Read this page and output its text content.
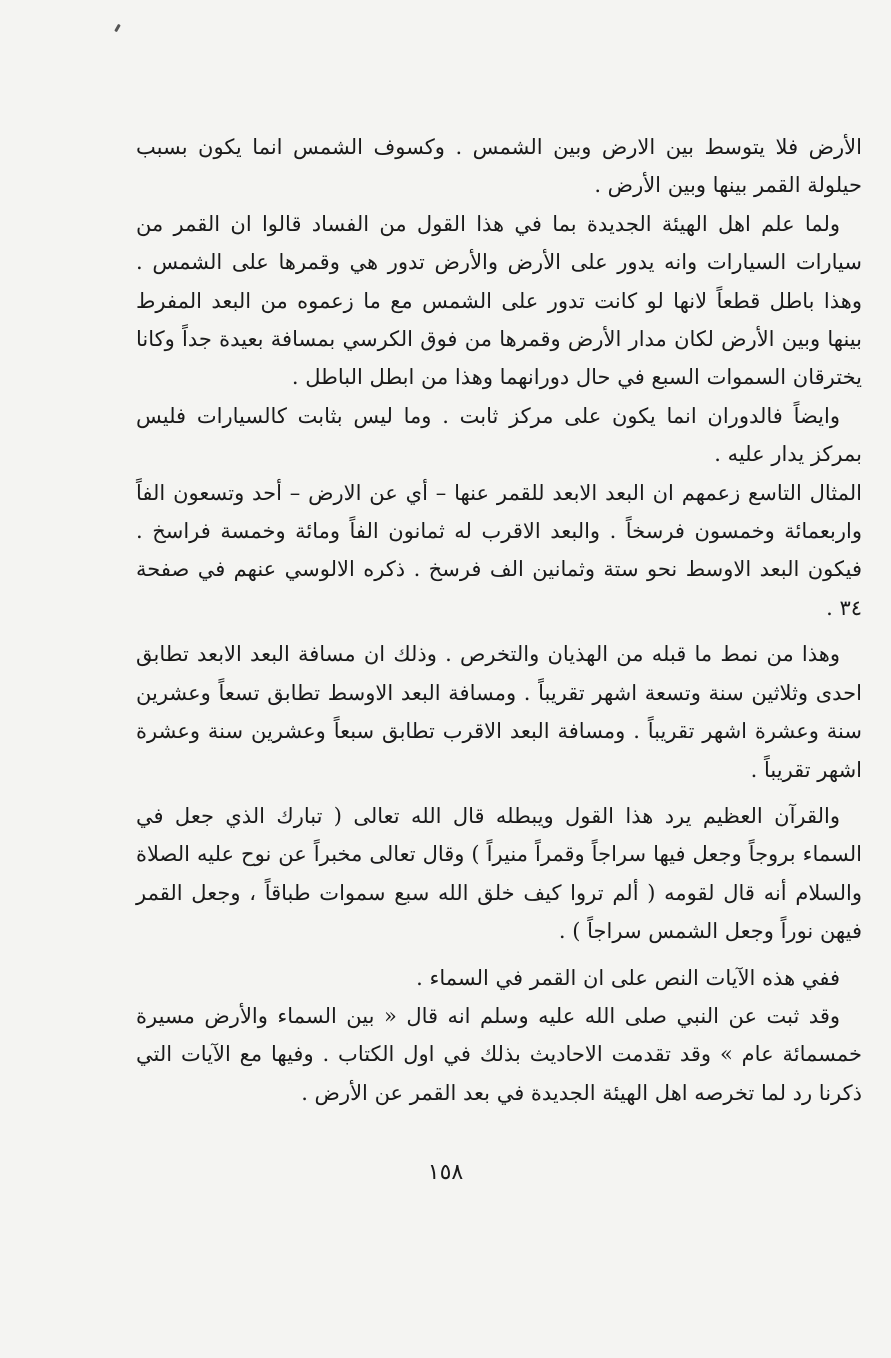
الأرض فلا يتوسط بين الارض وبين الشمس . وكسوف الشمس انما يكون بسبب حيلولة القمر بينها وبين الأرض .

ولما علم اهل الهيئة الجديدة بما في هذا القول من الفساد قالوا ان القمر من سيارات السيارات وانه يدور على الأرض والأرض تدور هي وقمرها على الشمس . وهذا باطل قطعاً لانها لو كانت تدور على الشمس مع ما زعموه من البعد المفرط بينها وبين الأرض لكان مدار الأرض وقمرها من فوق الكرسي بمسافة بعيدة جداً وكانا يخترقان السموات السبع في حال دورانهما وهذا من ابطل الباطل .

وايضاً فالدوران انما يكون على مركز ثابت . وما ليس بثابت كالسيارات فليس بمركز يدار عليه .

المثال التاسع زعمهم ان البعد الابعد للقمر عنها – أي عن الارض – أحد وتسعون الفاً واربعمائة وخمسون فرسخاً . والبعد الاقرب له ثمانون الفاً ومائة وخمسة فراسخ . فيكون البعد الاوسط نحو ستة وثمانين الف فرسخ . ذكره الالوسي عنهم في صفحة ٣٤ .

وهذا من نمط ما قبله من الهذيان والتخرص . وذلك ان مسافة البعد الابعد تطابق احدى وثلاثين سنة وتسعة اشهر تقريباً . ومسافة البعد الاوسط تطابق تسعاً وعشرين سنة وعشرة اشهر تقريباً . ومسافة البعد الاقرب تطابق سبعاً وعشرين سنة وعشرة اشهر تقريباً .

والقرآن العظيم يرد هذا القول ويبطله قال الله تعالى ( تبارك الذي جعل في السماء بروجاً وجعل فيها سراجاً وقمراً منيراً ) وقال تعالى مخبراً عن نوح عليه الصلاة والسلام أنه قال لقومه ( ألم تروا كيف خلق الله سبع سموات طباقاً ، وجعل القمر فيهن نوراً وجعل الشمس سراجاً ) .

ففي هذه الآيات النص على ان القمر في السماء .

وقد ثبت عن النبي صلى الله عليه وسلم انه قال « بين السماء والأرض مسيرة خمسمائة عام » وقد تقدمت الاحاديث بذلك في اول الكتاب . وفيها مع الآيات التي ذكرنا رد لما تخرصه اهل الهيئة الجديدة في بعد القمر عن الأرض .

١٥٨
